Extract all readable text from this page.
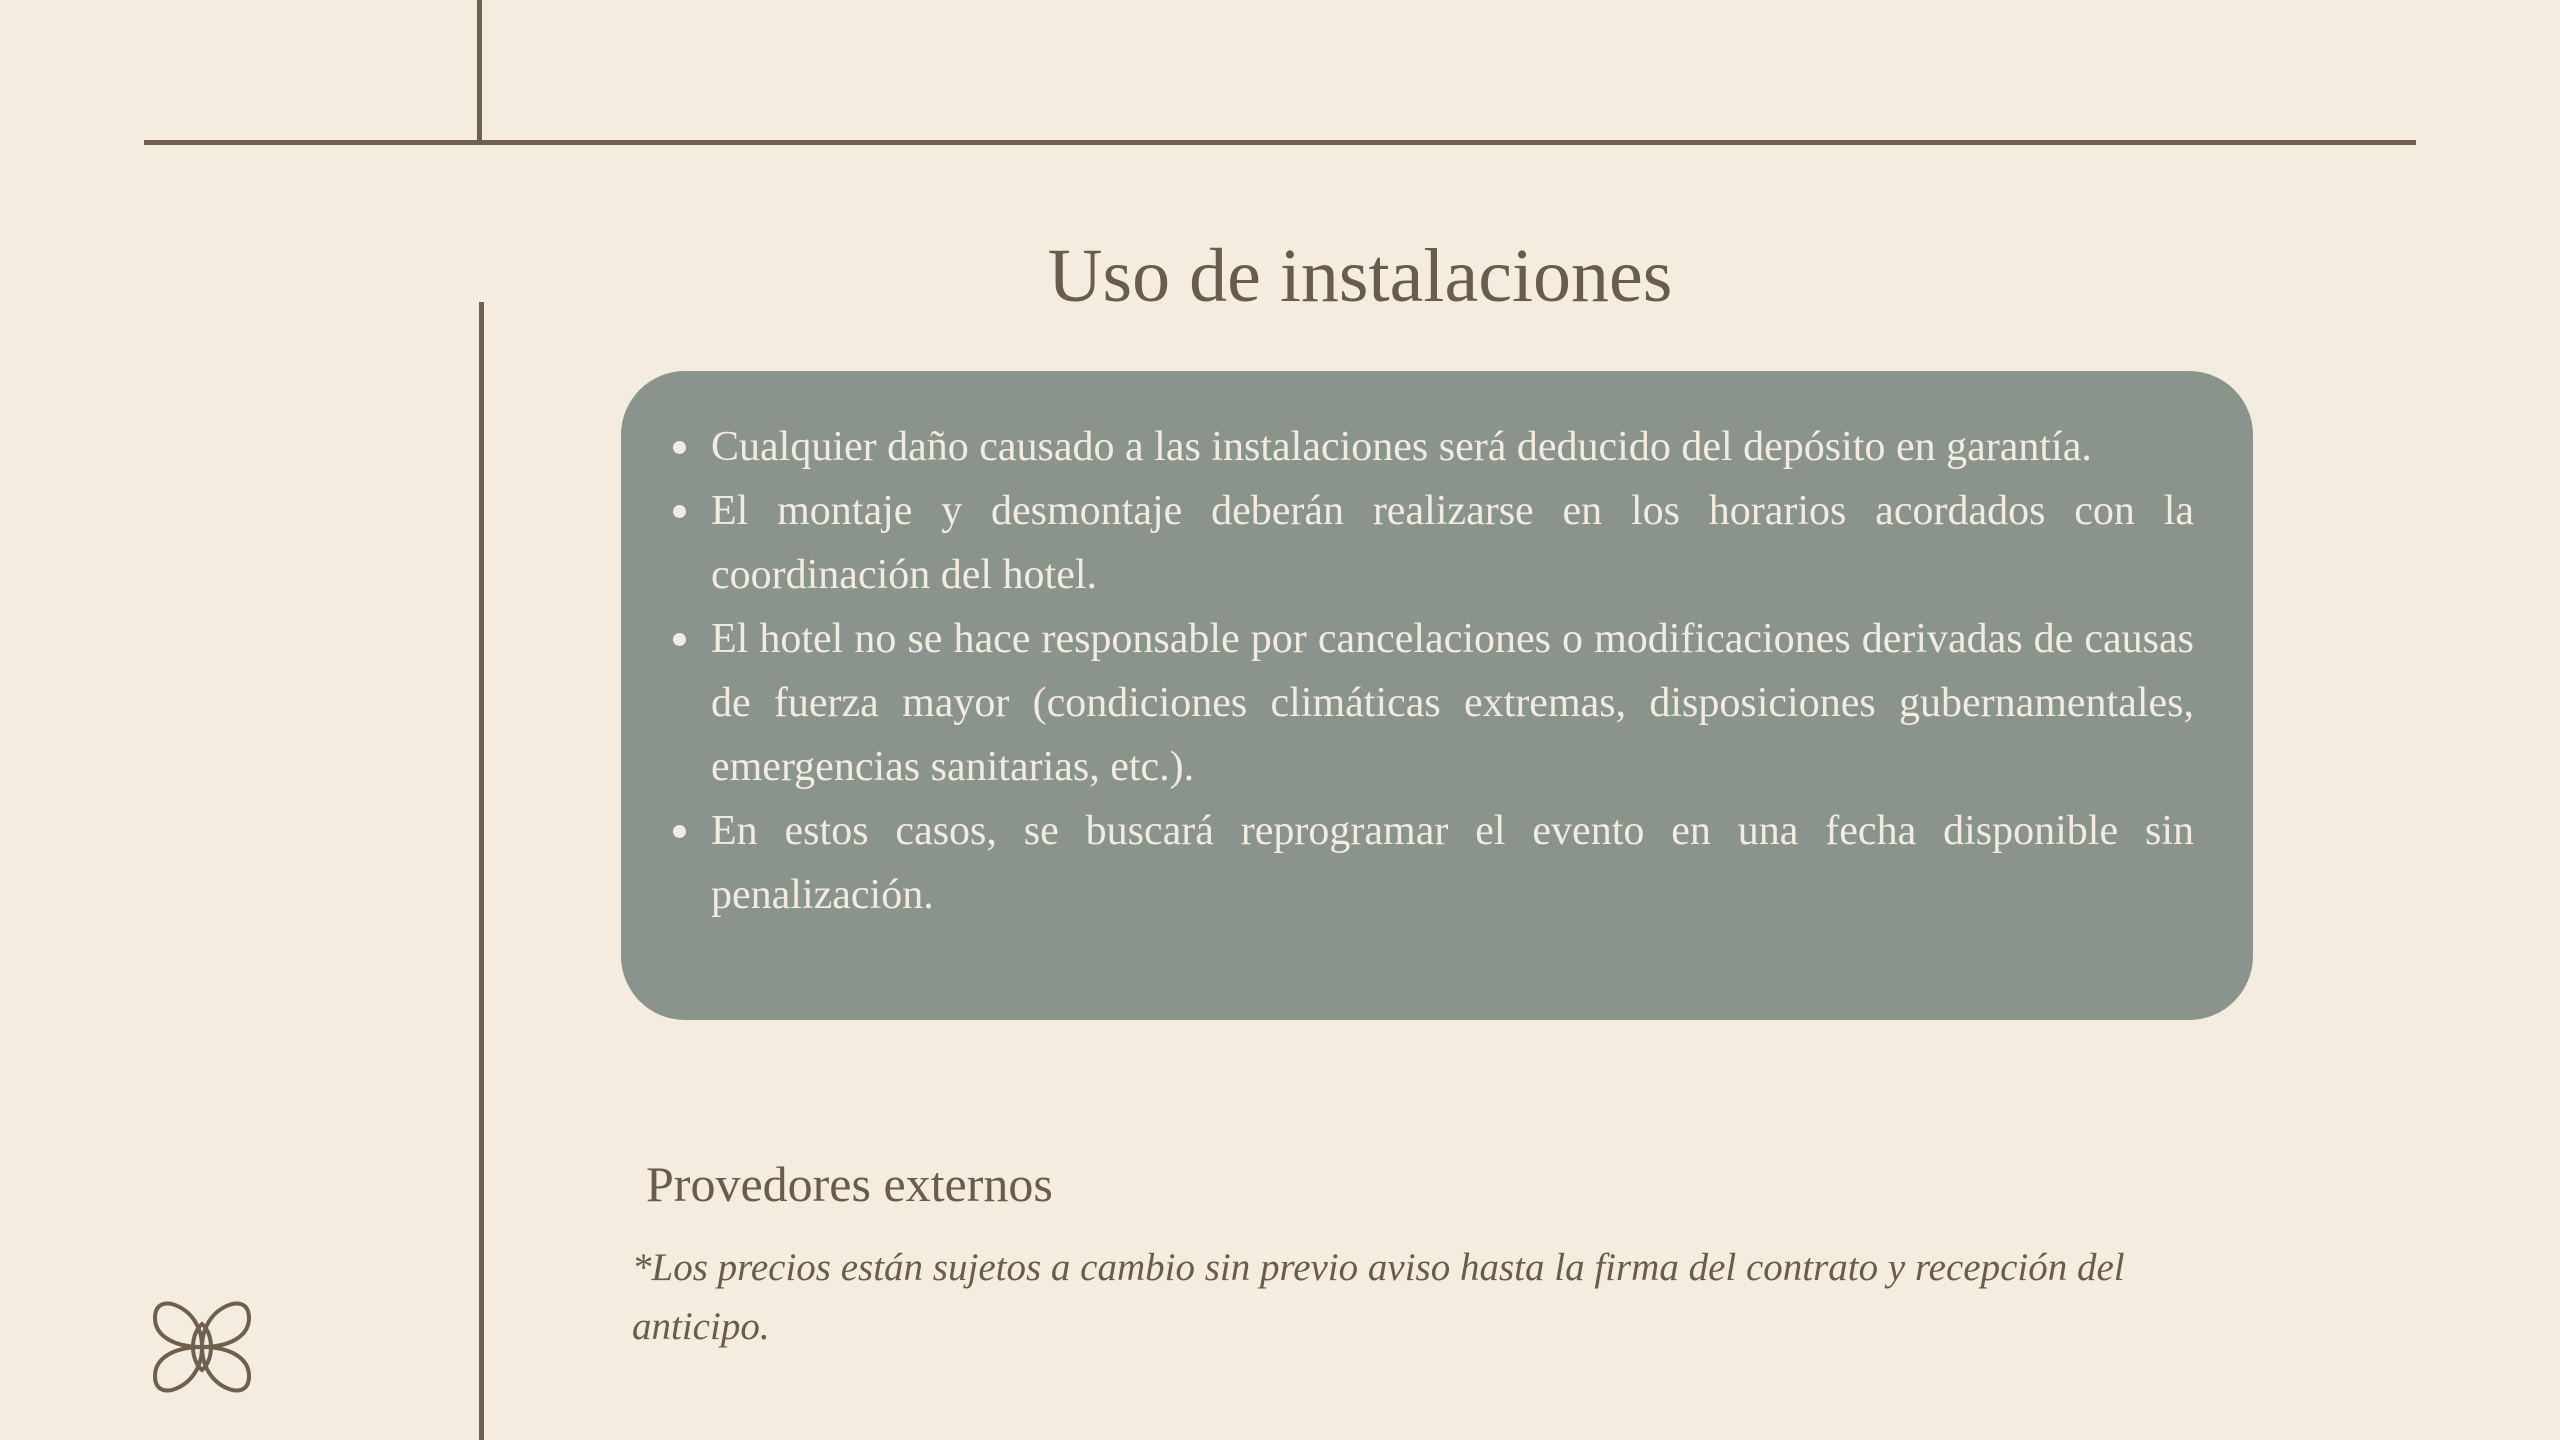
Uso de instalaciones
Cualquier daño causado a las instalaciones será deducido del depósito en garantía.
El montaje y desmontaje deberán realizarse en los horarios acordados con la coordinación del hotel.
El hotel no se hace responsable por cancelaciones o modificaciones derivadas de causas de fuerza mayor (condiciones climáticas extremas, disposiciones gubernamentales, emergencias sanitarias, etc.).
En estos casos, se buscará reprogramar el evento en una fecha disponible sin penalización.
Provedores externos

*Los precios están sujetos a cambio sin previo aviso hasta la firma del contrato y recepción del anticipo.
